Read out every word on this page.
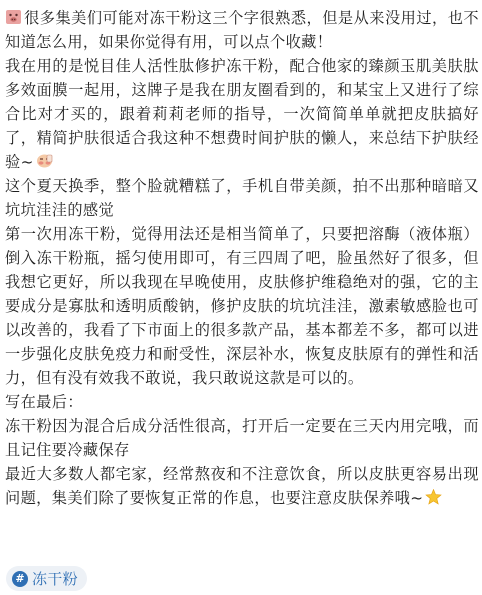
很多集美们可能对冻干粉这三个字很熟悉，但是从来没用过，也不知道怎么用，如果你觉得有用，可以点个收藏！

我在用的是悦目佳人活性肽修护冻干粉，配合他家的臻颜玉肌美肤肽多效面膜一起用，这牌子是我在朋友圈看到的，和某宝上又进行了综合比对才买的，跟着莉莉老师的指导，一次简简单单就把皮肤搞好了，精简护肤很适合我这种不想费时间护肤的懒人，来总结下护肤经验~

这个夏天换季，整个脸就糟糕了，手机自带美颜，拍不出那种暗暗又坑坑洼洼的感觉

第一次用冻干粉，觉得用法还是相当简单了，只要把溶酶（液体瓶）倒入冻干粉瓶，摇匀使用即可，有三四周了吧，脸虽然好了很多，但我想它更好，所以我现在早晚使用，皮肤修护维稳绝对的强，它的主要成分是寡肽和透明质酸钠，修护皮肤的坑坑洼洼，激素敏感脸也可以改善的，我看了下市面上的很多款产品，基本都差不多，都可以进一步强化皮肤免疫力和耐受性，深层补水，恢复皮肤原有的弹性和活力，但有没有效我不敢说，我只敢说这款是可以的。

写在最后：

冻干粉因为混合后成分活性很高，打开后一定要在三天内用完哦，而且记住要冷藏保存

最近大多数人都宅家，经常熬夜和不注意饮食，所以皮肤更容易出现问题，集美们除了要恢复正常的作息，也要注意皮肤保养哦~

# 冻干粉
